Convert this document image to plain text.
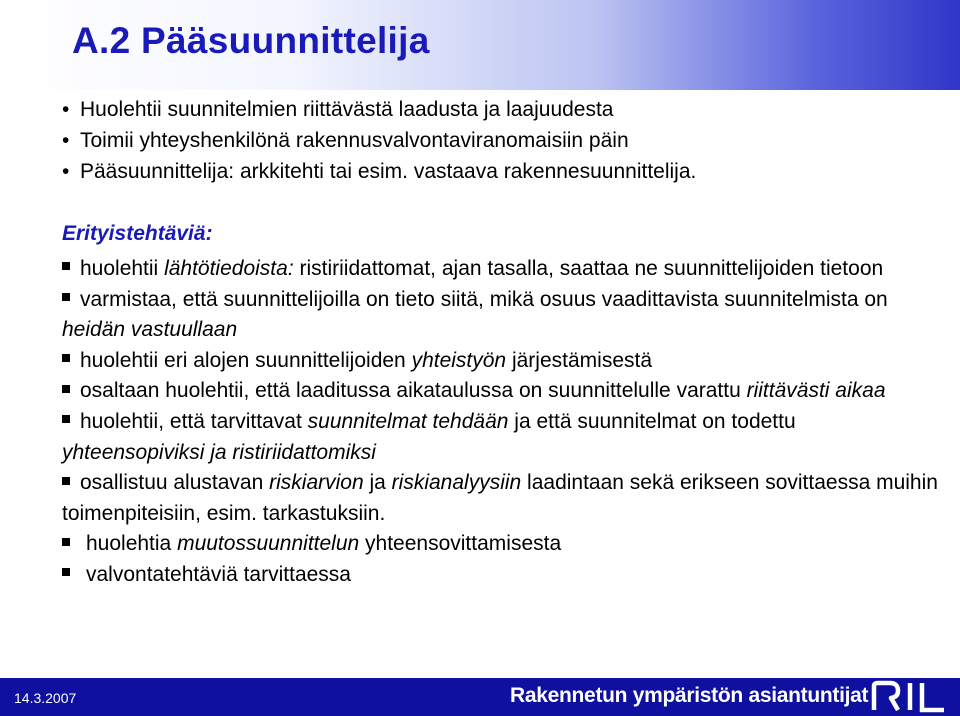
A.2 Pääsuunnittelija
• Huolehtii suunnitelmien riittävästä laadusta ja laajuudesta
• Toimii yhteyshenkilönä rakennusvalvontaviranomaisiin päin
• Pääsuunnittelija: arkkitehti tai esim. vastaava rakennesuunnittelija.
Erityistehtäviä:
huolehtii lähtötiedoista: ristiriidattomat, ajan tasalla, saattaa ne suunnittelijoiden tietoon
varmistaa, että suunnittelijoilla on tieto siitä, mikä osuus vaadittavista suunnitelmista on heidän vastuullaan
huolehtii eri alojen suunnittelijoiden yhteistyön järjestämisestä
osaltaan huolehtii, että laaditussa aikataulussa on suunnittelulle varattu riittävästi aikaa
huolehtii, että tarvittavat suunnitelmat tehdään ja että suunnitelmat on todettu yhteensopiviksi ja ristiriidattomiksi
osallistuu alustavan riskiarvion ja riskianalyysiin laadintaan sekä erikseen sovittaessa muihin toimenpiteisiin, esim. tarkastuksiin.
huolehtia muutossuunnittelun yhteensovittamisesta
valvontatehtäviä tarvittaessa
14.3.2007	Rakennetun ympäristön asiantuntijat
